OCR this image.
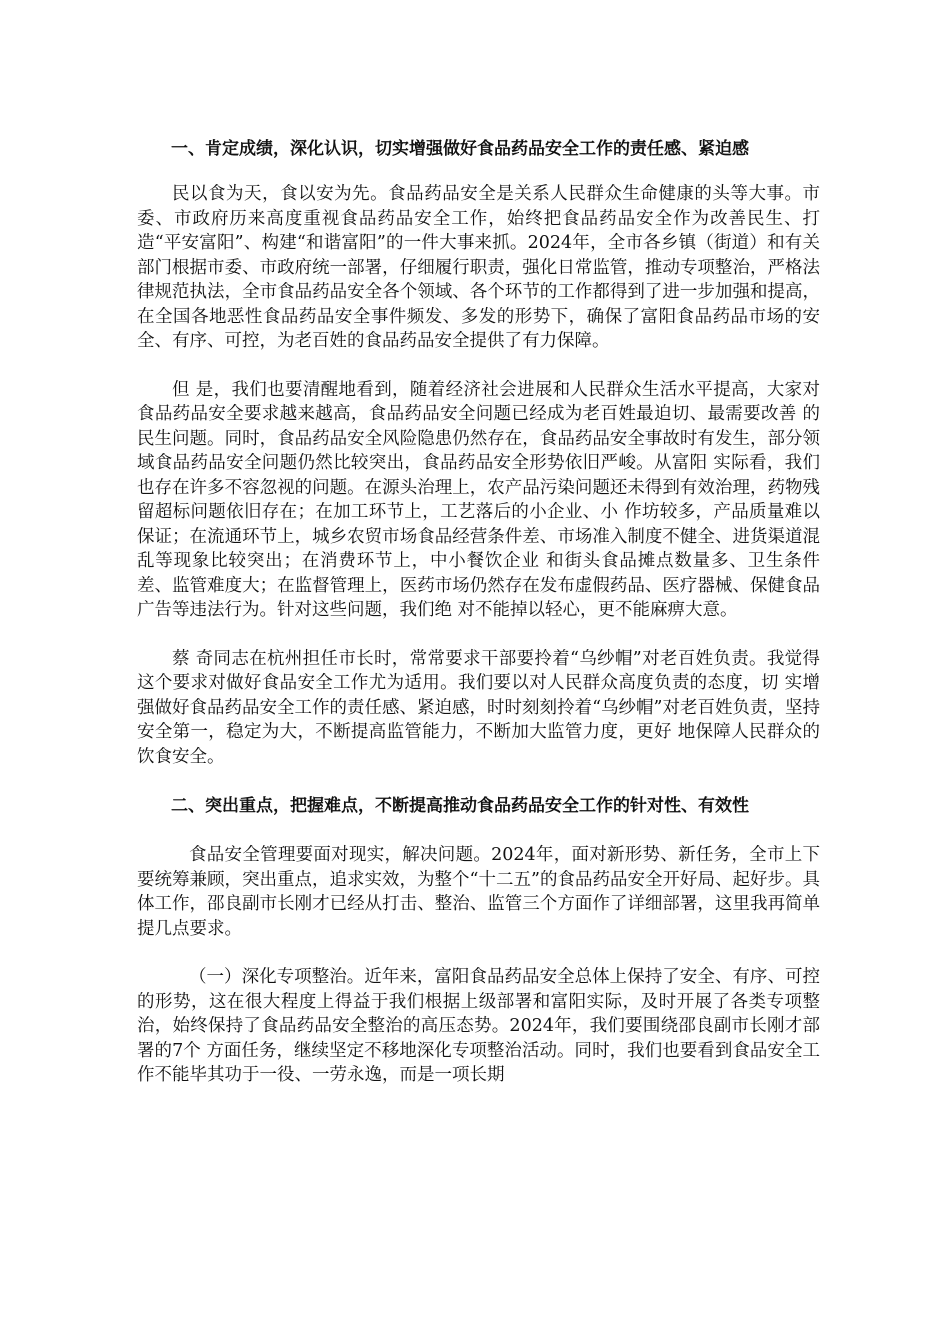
一、肯定成绩，深化认识，切实增强做好食品药品安全工作的责任感、紧迫感

民以食为天，食以安为先。食品药品安全是关系人民群众生命健康的头等大事。市委、市政府历来高度重视食品药品安全工作，始终把食品药品安全作为改善民生、打造“平安富阳”、构建“和谐富阳”的一件大事来抓。2024年，全市各乡镇（街道）和有关部门根据市委、市政府统一部署，仔细履行职责，强化日常监管，推动专项整治，严格法律规范执法，全市食品药品安全各个领域、各个环节的工作都得到了进一步加强和提高，在全国各地恶性食品药品安全事件频发、多发的形势下，确保了富阳食品药品市场的安全、有序、可控，为老百姓的食品药品安全提供了有力保障。

但 是，我们也要清醒地看到，随着经济社会进展和人民群众生活水平提高，大家对食品药品安全要求越来越高，食品药品安全问题已经成为老百姓最迫切、最需要改善 的民生问题。同时，食品药品安全风险隐患仍然存在，食品药品安全事故时有发生，部分领域食品药品安全问题仍然比较突出，食品药品安全形势依旧严峻。从富阳 实际看，我们也存在许多不容忽视的问题。在源头治理上，农产品污染问题还未得到有效治理，药物残留超标问题依旧存在；在加工环节上，工艺落后的小企业、小 作坊较多，产品质量难以保证；在流通环节上，城乡农贸市场食品经营条件差、市场准入制度不健全、进货渠道混乱等现象比较突出；在消费环节上，中小餐饮企业 和街头食品摊点数量多、卫生条件差、监管难度大；在监督管理上，医药市场仍然存在发布虚假药品、医疗器械、保健食品广告等违法行为。针对这些问题，我们绝 对不能掉以轻心，更不能麻痹大意。

蔡 奇同志在杭州担任市长时，常常要求干部要拎着“乌纱帽”对老百姓负责。我觉得这个要求对做好食品安全工作尤为适用。我们要以对人民群众高度负责的态度，切 实增强做好食品药品安全工作的责任感、紧迫感，时时刻刻拎着“乌纱帽”对老百姓负责，坚持安全第一，稳定为大，不断提高监管能力，不断加大监管力度，更好 地保障人民群众的饮食安全。

二、突出重点，把握难点，不断提高推动食品药品安全工作的针对性、有效性

食品安全管理要面对现实，解决问题。2024年，面对新形势、新任务，全市上下要统筹兼顾，突出重点，追求实效，为整个“十二五”的食品药品安全开好局、起好步。具体工作，邵良副市长刚才已经从打击、整治、监管三个方面作了详细部署，这里我再简单提几点要求。

（一）深化专项整治。近年来，富阳食品药品安全总体上保持了安全、有序、可控的形势，这在很大程度上得益于我们根据上级部署和富阳实际，及时开展了各类专项整治，始终保持了食品药品安全整治的高压态势。2024年，我们要围绕邵良副市长刚才部署的7个 方面任务，继续坚定不移地深化专项整治活动。同时，我们也要看到食品安全工作不能毕其功于一役、一劳永逸，而是一项长期
